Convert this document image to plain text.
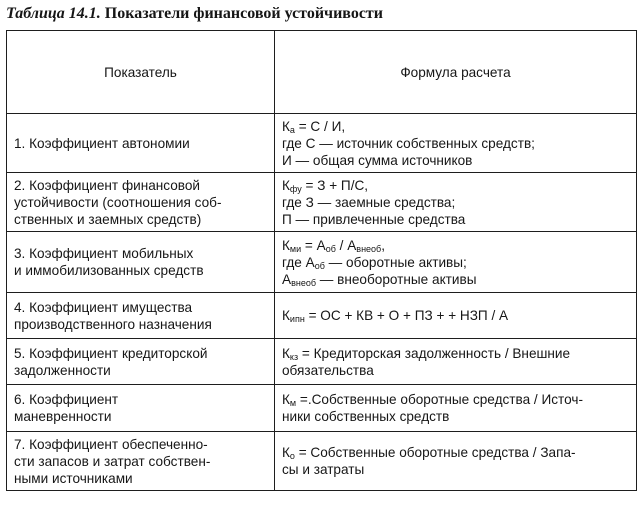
Таблица 14.1. Показатели финансовой устойчивости
Показатель	Формула расчета

1. Коэффициент автономии	$К_а = С / И$,
где С — источник собственных средств;
И — общая сумма источников

2. Коэффициент финансовой
устойчивости (соотношения соб-
ственных и заемных средств)	$К_{фу} = З + П/С$,
где З — заемные средства;
П — привлеченные средства

3. Коэффициент мобильных
и иммобилизованных средств	$К_{ми} = А_{об} / А_{внеоб}$,
где $А_{об}$ — оборотные активы;
$А_{внеоб}$ — внеоборотные активы

4. Коэффициент имущества
производственного назначения	$К_{ипн}$ = ОС + КВ + О + ПЗ + + НЗП / А

5. Коэффициент кредиторской
задолженности	$К_{кз}$ = Кредиторская задолженность / Внешние
обязательства

6. Коэффициент
маневренности	$К_м$ =.Собственные оборотные средства / Источ-
ники собственных средств

7. Коэффициент обеспеченно-
сти запасов и затрат собствен-
ными источниками	$К_о$ = Собственные оборотные средства / Запа-
сы и затраты
